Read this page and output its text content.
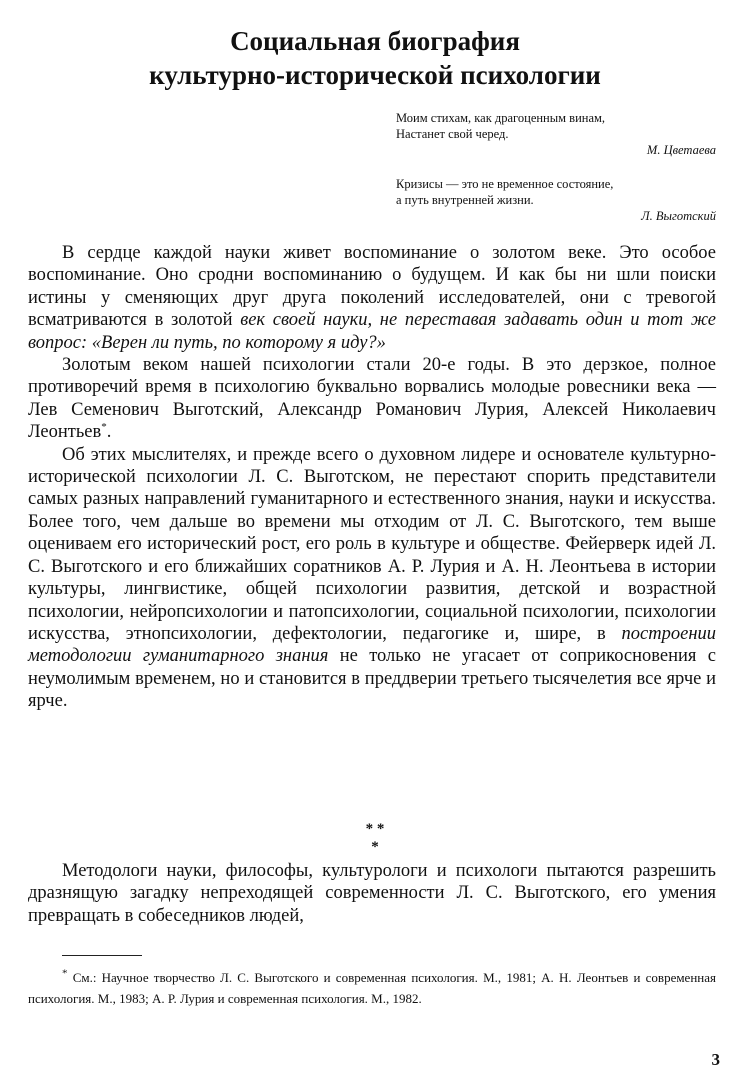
Социальная биография
культурно-исторической психологии
Моим стихам, как драгоценным винам,
Настанет свой черед.
М. Цветаева
Кризисы — это не временное состояние,
а путь внутренней жизни.
Л. Выготский

В сердце каждой науки живет воспоминание о золотом веке. Это особое воспоминание. Оно сродни воспоминанию о будущем. И как бы ни шли поиски истины у сменяющих друг друга поколений исследователей, они с тревогой всматриваются в золотой век своей науки, не переставая задавать один и тот же вопрос: «Верен ли путь, по которому я иду?»

Золотым веком нашей психологии стали 20-е годы. В это дерзкое, полное противоречий время в психологию буквально ворвались молодые ровесники века — Лев Семенович Выготский, Александр Романович Лурия, Алексей Николаевич Леонтьев*.

Об этих мыслителях, и прежде всего о духовном лидере и основателе культурно-исторической психологии Л. С. Выготском, не перестают спорить представители самых разных направлений гуманитарного и естественного знания, науки и искусства. Более того, чем дальше во времени мы отходим от Л. С. Выготского, тем выше оцениваем его исторический рост, его роль в культуре и обществе. Фейерверк идей Л. С. Выготского и его ближайших соратников А. Р. Лурия и А. Н. Леонтьева в истории культуры, лингвистике, общей психологии развития, детской и возрастной психологии, нейропсихологии и патопсихологии, социальной психологии, психологии искусства, этнопсихологии, дефектологии, педагогике и, шире, в построении методологии гуманитарного знания не только не угасает от соприкосновения с неумолимым временем, но и становится в преддверии третьего тысячелетия все ярче и ярче.

* *
*

Методологи науки, философы, культурологи и психологи пытаются разрешить дразнящую загадку непреходящей современности Л. С. Выготского, его умения превращать в собеседников людей,

* См.: Научное творчество Л. С. Выготского и современная психология. М., 1981; А. Н. Леонтьев и современная психология. М., 1983; А. Р. Лурия и современная психология. М., 1982.
3
